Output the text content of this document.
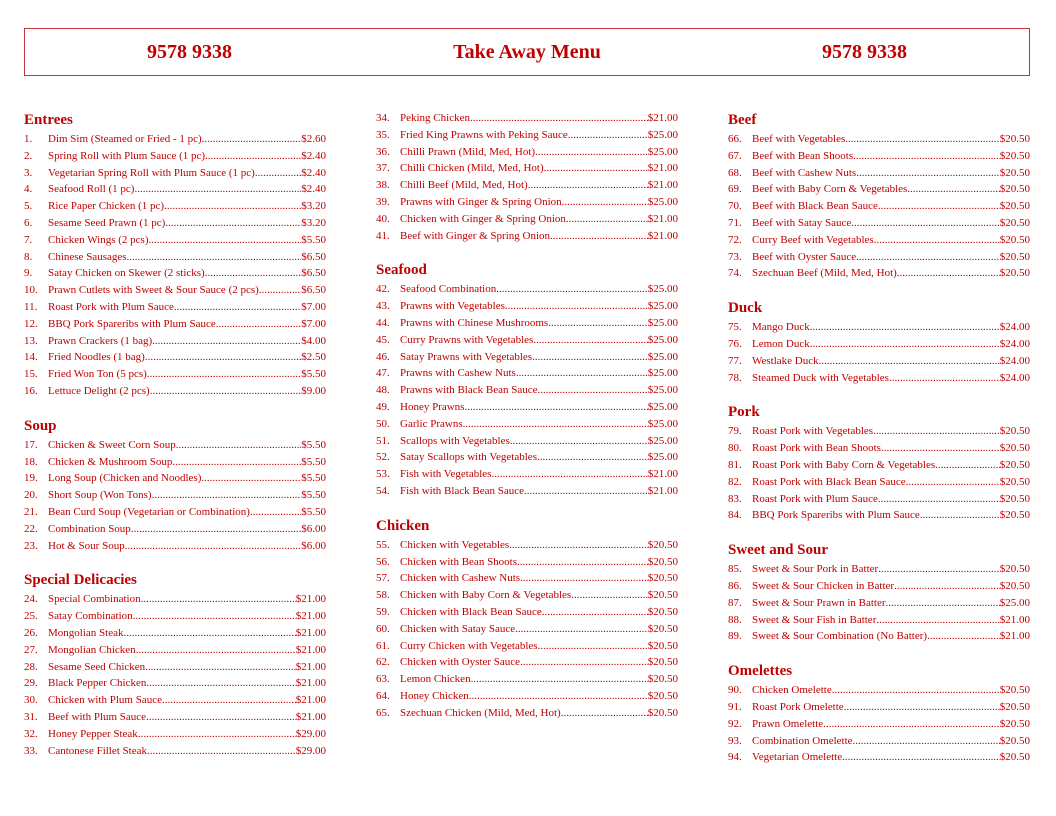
9578 9338	Take Away Menu	9578 9338
Entrees
1.	Dim Sim (Steamed or Fried - 1 pc) .....	$2.60
2.	Spring Roll with Plum Sauce (1 pc) .....	$2.40
3.	Vegetarian Spring Roll with Plum Sauce (1 pc) .....	$2.40
4.	Seafood Roll (1 pc) .....	$2.40
5.	Rice Paper Chicken (1 pc) .....	$3.20
6.	Sesame Seed Prawn (1 pc) .....	$3.20
7.	Chicken Wings (2 pcs) .....	$5.50
8.	Chinese Sausages .....	$6.50
9.	Satay Chicken on Skewer (2 sticks) .....	$6.50
10. Prawn Cutlets with Sweet & Sour Sauce (2 pcs) .....	$6.50
11. Roast Pork with Plum Sauce .....	$7.00
12. BBQ Pork Spareribs with Plum Sauce .....	$7.00
13. Prawn Crackers (1 bag) .....	$4.00
14. Fried Noodles (1 bag) .....	$2.50
15. Fried Won Ton (5 pcs) .....	$5.50
16. Lettuce Delight (2 pcs) .....	$9.00
Soup
17. Chicken & Sweet Corn Soup .....	$5.50
18. Chicken & Mushroom Soup .....	$5.50
19. Long Soup (Chicken and Noodles) .....	$5.50
20. Short Soup (Won Tons) .....	$5.50
21. Bean Curd Soup (Vegetarian or Combination) .....	$5.50
22. Combination Soup .....	$6.00
23. Hot & Sour Soup .....	$6.00
Special Delicacies
24. Special Combination .....	$21.00
25. Satay Combination .....	$21.00
26. Mongolian Steak .....	$21.00
27. Mongolian Chicken .....	$21.00
28. Sesame Seed Chicken .....	$21.00
29. Black Pepper Chicken .....	$21.00
30. Chicken with Plum Sauce .....	$21.00
31. Beef with Plum Sauce .....	$21.00
32. Honey Pepper Steak .....	$29.00
33. Cantonese Fillet Steak .....	$29.00
34. Peking Chicken .....	$21.00
35. Fried King Prawns with Peking Sauce .....	$25.00
36. Chilli Prawn (Mild, Med, Hot) .....	$25.00
37. Chilli Chicken (Mild, Med, Hot) .....	$21.00
38. Chilli Beef (Mild, Med, Hot) .....	$21.00
39. Prawns with Ginger & Spring Onion .....	$25.00
40. Chicken with Ginger & Spring Onion .....	$21.00
41. Beef with Ginger & Spring Onion .....	$21.00
Seafood
42. Seafood Combination .....	$25.00
43. Prawns with Vegetables .....	$25.00
44. Prawns with Chinese Mushrooms .....	$25.00
45. Curry Prawns with Vegetables .....	$25.00
46. Satay Prawns with Vegetables .....	$25.00
47. Prawns with Cashew Nuts .....	$25.00
48. Prawns with Black Bean Sauce .....	$25.00
49. Honey Prawns .....	$25.00
50. Garlic Prawns .....	$25.00
51. Scallops with Vegetables .....	$25.00
52. Satay Scallops with Vegetables .....	$25.00
53. Fish with Vegetables .....	$21.00
54. Fish with Black Bean Sauce .....	$21.00
Chicken
55. Chicken with Vegetables .....	$20.50
56. Chicken with Bean Shoots .....	$20.50
57. Chicken with Cashew Nuts .....	$20.50
58. Chicken with Baby Corn & Vegetables .....	$20.50
59. Chicken with Black Bean Sauce .....	$20.50
60. Chicken with Satay Sauce .....	$20.50
61. Curry Chicken with Vegetables .....	$20.50
62. Chicken with Oyster Sauce .....	$20.50
63. Lemon Chicken .....	$20.50
64. Honey Chicken .....	$20.50
65. Szechuan Chicken (Mild, Med, Hot) .....	$20.50
Beef
66. Beef with Vegetables .....	$20.50
67. Beef with Bean Shoots .....	$20.50
68. Beef with Cashew Nuts .....	$20.50
69. Beef with Baby Corn & Vegetables .....	$20.50
70. Beef with Black Bean Sauce .....	$20.50
71. Beef with Satay Sauce .....	$20.50
72. Curry Beef with Vegetables .....	$20.50
73. Beef with Oyster Sauce .....	$20.50
74. Szechuan Beef (Mild, Med, Hot) .....	$20.50
Duck
75. Mango Duck .....	$24.00
76. Lemon Duck .....	$24.00
77. Westlake Duck .....	$24.00
78. Steamed Duck with Vegetables .....	$24.00
Pork
79. Roast Pork with Vegetables .....	$20.50
80. Roast Pork with Bean Shoots .....	$20.50
81. Roast Pork with Baby Corn & Vegetables .....	$20.50
82. Roast Pork with Black Bean Sauce .....	$20.50
83. Roast Pork with Plum Sauce .....	$20.50
84. BBQ Pork Spareribs with Plum Sauce .....	$20.50
Sweet and Sour
85. Sweet & Sour Pork in Batter .....	$20.50
86. Sweet & Sour Chicken in Batter .....	$20.50
87. Sweet & Sour Prawn in Batter .....	$25.00
88. Sweet & Sour Fish in Batter .....	$21.00
89. Sweet & Sour Combination (No Batter) .....	$21.00
Omelettes
90. Chicken Omelette .....	$20.50
91. Roast Pork Omelette .....	$20.50
92. Prawn Omelette .....	$20.50
93. Combination Omelette .....	$20.50
94. Vegetarian Omelette .....	$20.50
